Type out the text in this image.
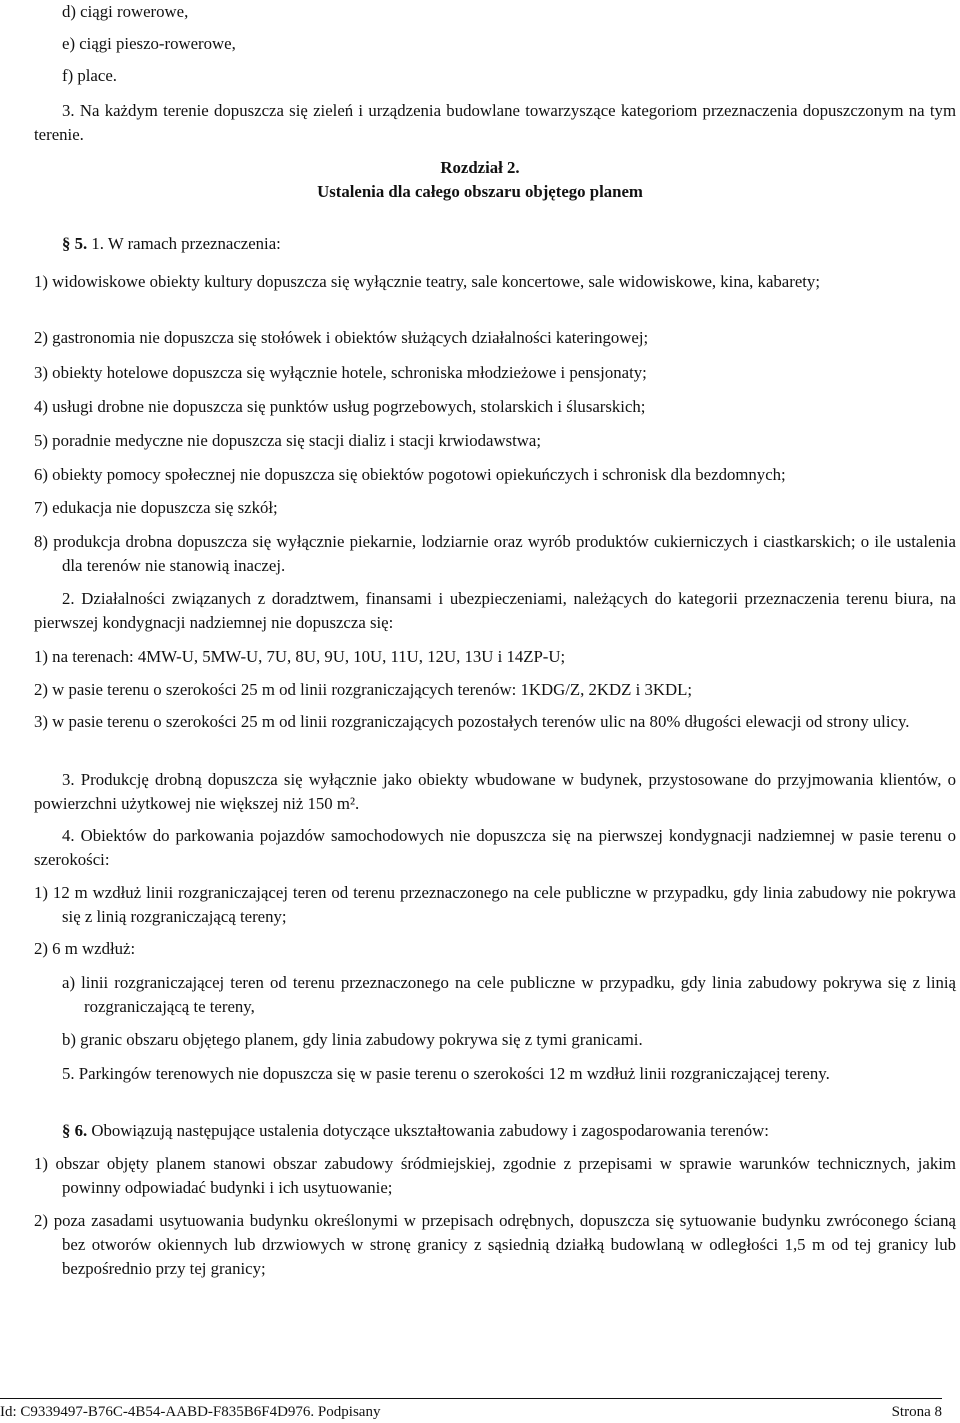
d) ciągi rowerowe,

e) ciągi pieszo-rowerowe,

f) place.

3. Na każdym terenie dopuszcza się zieleń i urządzenia budowlane towarzyszące kategoriom przeznaczenia dopuszczonym na tym terenie.

Rozdział 2.

Ustalenia dla całego obszaru objętego planem

§ 5. 1. W ramach przeznaczenia:

1) widowiskowe obiekty kultury dopuszcza się wyłącznie teatry, sale koncertowe, sale widowiskowe, kina, kabarety;

2) gastronomia nie dopuszcza się stołówek i obiektów służących działalności kateringowej;

3) obiekty hotelowe dopuszcza się wyłącznie hotele, schroniska młodzieżowe i pensjonaty;

4) usługi drobne nie dopuszcza się punktów usług pogrzebowych, stolarskich i ślusarskich;

5) poradnie medyczne nie dopuszcza się stacji dializ i stacji krwiodawstwa;

6) obiekty pomocy społecznej nie dopuszcza się obiektów pogotowi opiekuńczych i schronisk dla bezdomnych;

7) edukacja nie dopuszcza się szkół;

8) produkcja drobna dopuszcza się wyłącznie piekarnie, lodziarnie oraz wyrób produktów cukierniczych i ciastkarskich; o ile ustalenia dla terenów nie stanowią inaczej.

2. Działalności związanych z doradztwem, finansami i ubezpieczeniami, należących do kategorii przeznaczenia terenu biura, na pierwszej kondygnacji nadziemnej nie dopuszcza się:

1) na terenach: 4MW-U, 5MW-U, 7U, 8U, 9U, 10U, 11U, 12U, 13U i 14ZP-U;

2) w pasie terenu o szerokości 25 m od linii rozgraniczających terenów: 1KDG/Z, 2KDZ i 3KDL;

3) w pasie terenu o szerokości 25 m od linii rozgraniczających pozostałych terenów ulic na 80% długości elewacji od strony ulicy.

3. Produkcję drobną dopuszcza się wyłącznie jako obiekty wbudowane w budynek, przystosowane do przyjmowania klientów, o powierzchni użytkowej nie większej niż 150 m².

4. Obiektów do parkowania pojazdów samochodowych nie dopuszcza się na pierwszej kondygnacji nadziemnej w pasie terenu o szerokości:

1) 12 m wzdłuż linii rozgraniczającej teren od terenu przeznaczonego na cele publiczne w przypadku, gdy linia zabudowy nie pokrywa się z linią rozgraniczającą tereny;

2) 6 m wzdłuż:

a) linii rozgraniczającej teren od terenu przeznaczonego na cele publiczne w przypadku, gdy linia zabudowy pokrywa się z linią rozgraniczającą te tereny,

b) granic obszaru objętego planem, gdy linia zabudowy pokrywa się z tymi granicami.

5. Parkingów terenowych nie dopuszcza się w pasie terenu o szerokości 12 m wzdłuż linii rozgraniczającej tereny.

§ 6. Obowiązują następujące ustalenia dotyczące ukształtowania zabudowy i zagospodarowania terenów:

1) obszar objęty planem stanowi obszar zabudowy śródmiejskiej, zgodnie z przepisami w sprawie warunków technicznych, jakim powinny odpowiadać budynki i ich usytuowanie;

2) poza zasadami usytuowania budynku określonymi w przepisach odrębnych, dopuszcza się sytuowanie budynku zwróconego ścianą bez otworów okiennych lub drzwiowych w stronę granicy z sąsiednią działką budowlaną w odległości 1,5 m od tej granicy lub bezpośrednio przy tej granicy;

Id: C9339497-B76C-4B54-AABD-F835B6F4D976. Podpisany	Strona 8
